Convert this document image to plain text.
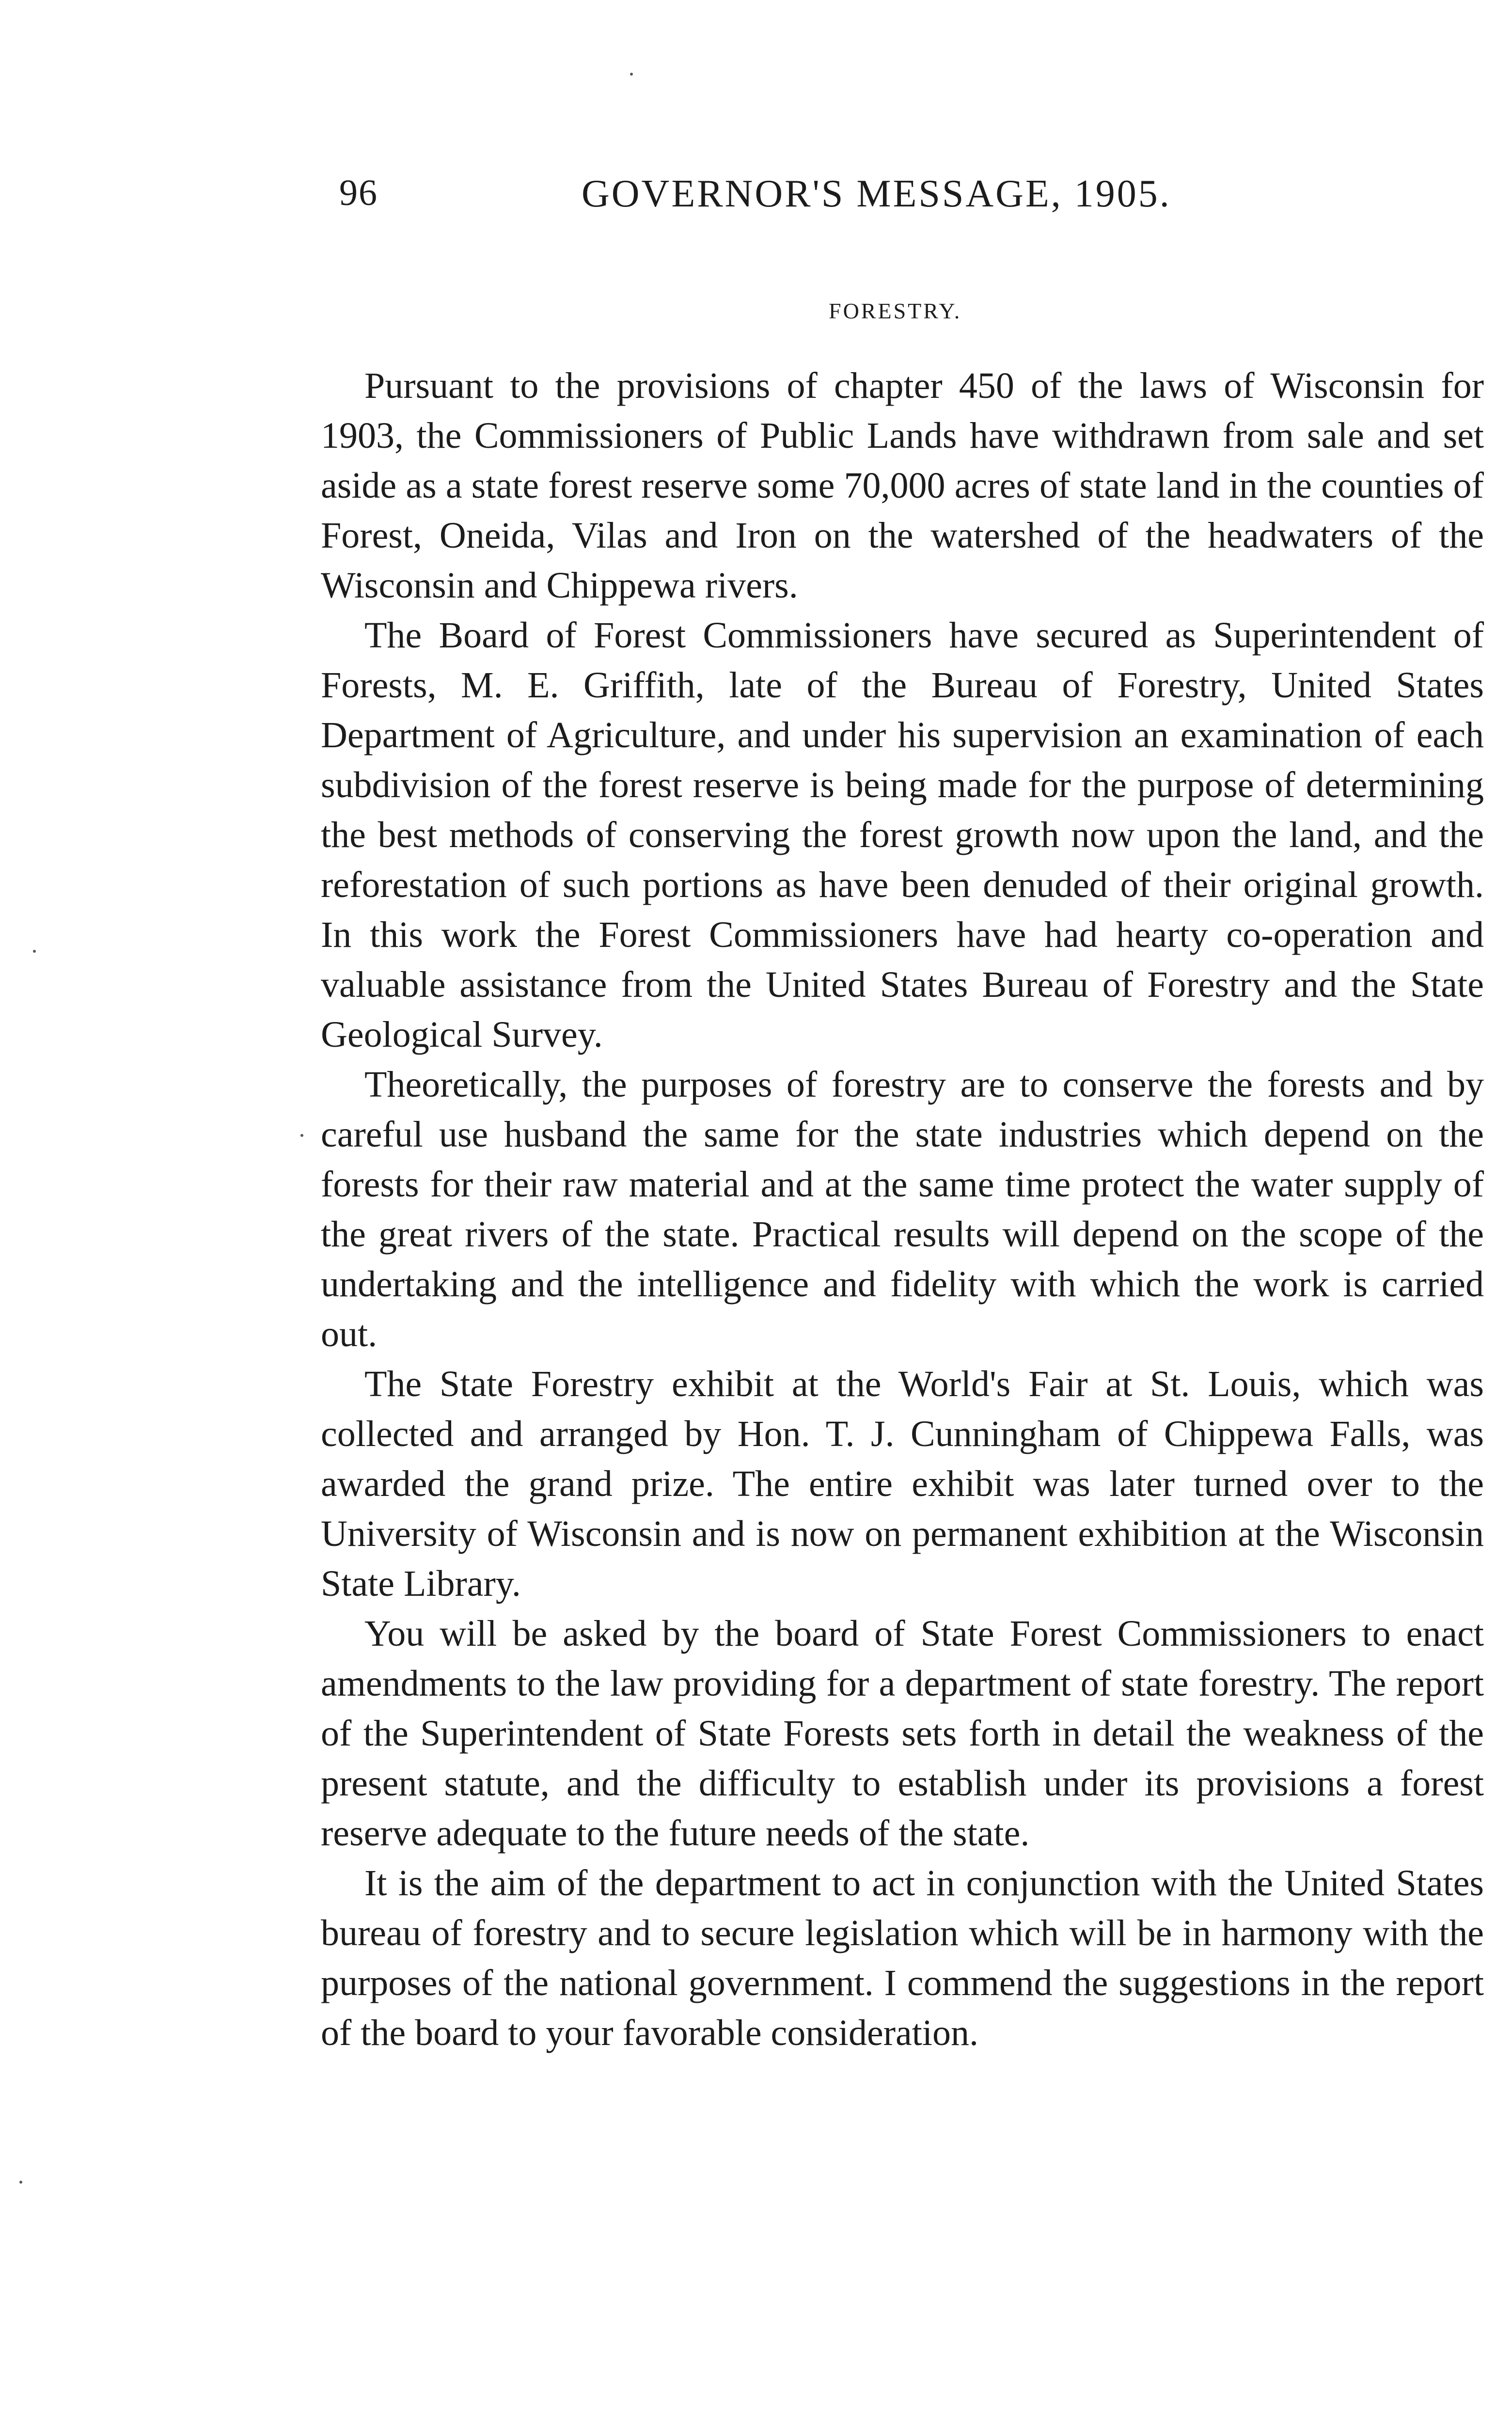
96	GOVERNOR'S MESSAGE, 1905.
FORESTRY.

Pursuant to the provisions of chapter 450 of the laws of Wisconsin for 1903, the Commissioners of Public Lands have withdrawn from sale and set aside as a state forest reserve some 70,000 acres of state land in the counties of Forest, Oneida, Vilas and Iron on the watershed of the headwaters of the Wisconsin and Chippewa rivers.

The Board of Forest Commissioners have secured as Superintendent of Forests, M. E. Griffith, late of the Bureau of Forestry, United States Department of Agriculture, and under his supervision an examination of each subdivision of the forest reserve is being made for the purpose of determining the best methods of conserving the forest growth now upon the land, and the reforestation of such portions as have been denuded of their original growth. In this work the Forest Commissioners have had hearty co-operation and valuable assistance from the United States Bureau of Forestry and the State Geological Survey.

Theoretically, the purposes of forestry are to conserve the forests and by careful use husband the same for the state industries which depend on the forests for their raw material and at the same time protect the water supply of the great rivers of the state. Practical results will depend on the scope of the undertaking and the intelligence and fidelity with which the work is carried out.

The State Forestry exhibit at the World's Fair at St. Louis, which was collected and arranged by Hon. T. J. Cunningham of Chippewa Falls, was awarded the grand prize. The entire exhibit was later turned over to the University of Wisconsin and is now on permanent exhibition at the Wisconsin State Library.

You will be asked by the board of State Forest Commissioners to enact amendments to the law providing for a department of state forestry. The report of the Superintendent of State Forests sets forth in detail the weakness of the present statute, and the difficulty to establish under its provisions a forest reserve adequate to the future needs of the state.

It is the aim of the department to act in conjunction with the United States bureau of forestry and to secure legislation which will be in harmony with the purposes of the national government. I commend the suggestions in the report of the board to your favorable consideration.
